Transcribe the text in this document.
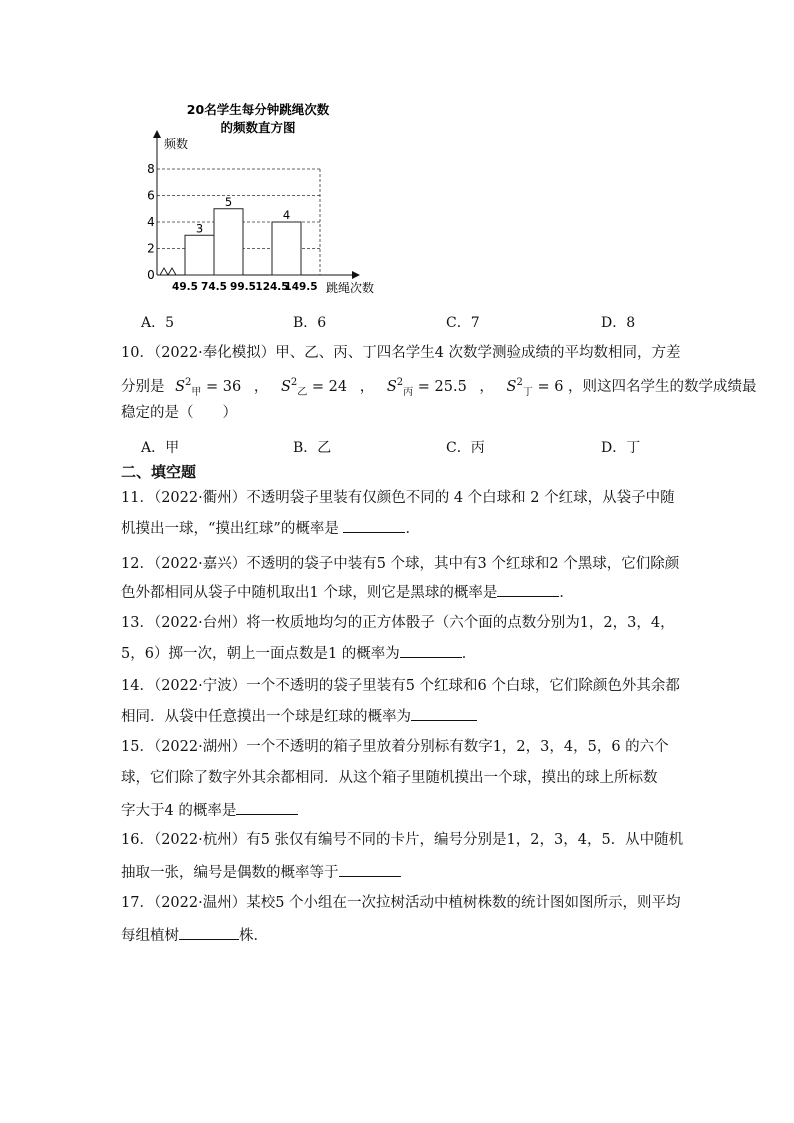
20名学生每分钟跳绳次数
的频数直方图
频数
跳绳次数
0
2
4
6
8
3
5
4
49.5 74.5 99.5 124.5
149.5
A．5	B．6	C．7	D．8
10．（2022·奉化模拟）甲、乙、丙、丁四名学生4 次数学测验成绩的平均数相同，方差
分别是 $S^2_甲 = 36$ ， $S^2_乙 = 24$ ， $S^2_丙 = 25.5$ ， $S^2_丁 = 6$ ，则这四名学生的数学成绩最
稳定的是（　　）
A．甲	B．乙	C．丙	D．丁
二、填空题
11．（2022·衢州）不透明袋子里装有仅颜色不同的 4 个白球和 2 个红球，从袋子中随
机摸出一球，“摸出红球”的概率是	．
12．（2022·嘉兴）不透明的袋子中装有5 个球，其中有3 个红球和2 个黑球，它们除颜
色外都相同从袋子中随机取出1 个球，则它是黑球的概率是	．
13．（2022·台州）将一枚质地均匀的正方体骰子（六个面的点数分别为1，2，3，4，
5，6）掷一次，朝上一面点数是1 的概率为	．
14．（2022·宁波）一个不透明的袋子里装有5 个红球和6 个白球，它们除颜色外其余都
相同．从袋中任意摸出一个球是红球的概率为
15．（2022·湖州）一个不透明的箱子里放着分别标有数字1，2，3，4，5，6 的六个
球，它们除了数字外其余都相同．从这个箱子里随机摸出一个球，摸出的球上所标数
字大于4 的概率是
16．（2022·杭州）有5 张仅有编号不同的卡片，编号分别是1，2，3，4，5．从中随机
抽取一张，编号是偶数的概率等于
17．（2022·温州）某校5 个小组在一次拉树活动中植树株数的统计图如图所示，则平均
每组植树	株．
